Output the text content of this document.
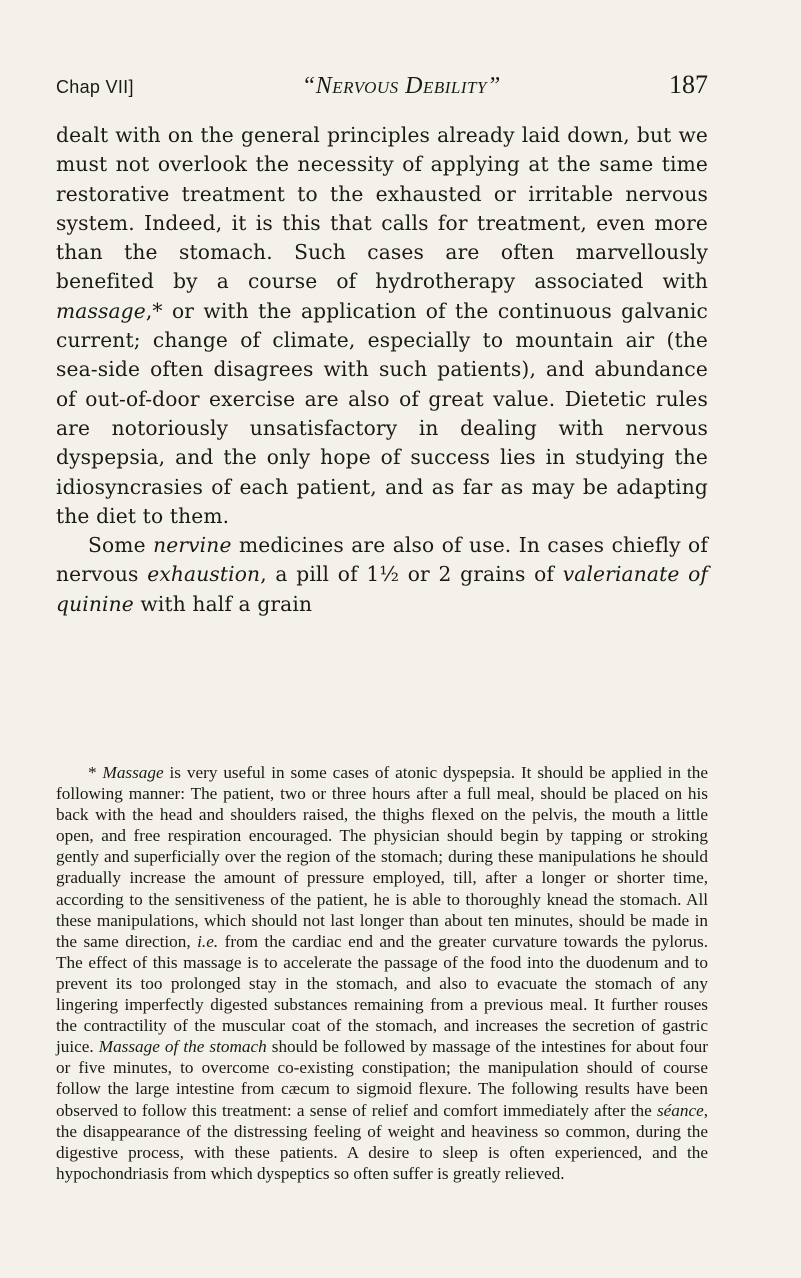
Chap VII]	“Nervous Debility”	187

dealt with on the general principles already laid down, but we must not overlook the necessity of applying at the same time restorative treatment to the exhausted or irritable nervous system. Indeed, it is this that calls for treatment, even more than the stomach. Such cases are often marvellously benefited by a course of hydrotherapy associated with massage,* or with the application of the continuous galvanic current; change of climate, especially to mountain air (the sea-side often disagrees with such patients), and abundance of out-of-door exercise are also of great value. Dietetic rules are notoriously unsatisfactory in dealing with nervous dyspepsia, and the only hope of success lies in studying the idiosyncrasies of each patient, and as far as may be adapting the diet to them.

Some nervine medicines are also of use. In cases chiefly of nervous exhaustion, a pill of 1½ or 2 grains of valerianate of quinine with half a grain

* Massage is very useful in some cases of atonic dyspepsia. It should be applied in the following manner: The patient, two or three hours after a full meal, should be placed on his back with the head and shoulders raised, the thighs flexed on the pelvis, the mouth a little open, and free respiration encouraged. The physician should begin by tapping or stroking gently and superficially over the region of the stomach; during these manipulations he should gradually increase the amount of pressure employed, till, after a longer or shorter time, according to the sensitiveness of the patient, he is able to thoroughly knead the stomach. All these manipulations, which should not last longer than about ten minutes, should be made in the same direction, i.e. from the cardiac end and the greater curvature towards the pylorus. The effect of this massage is to accelerate the passage of the food into the duodenum and to prevent its too prolonged stay in the stomach, and also to evacuate the stomach of any lingering imperfectly digested substances remaining from a previous meal. It further rouses the contractility of the muscular coat of the stomach, and increases the secretion of gastric juice. Massage of the stomach should be followed by massage of the intestines for about four or five minutes, to overcome co-existing constipation; the manipulation should of course follow the large intestine from cæcum to sigmoid flexure. The following results have been observed to follow this treatment: a sense of relief and comfort immediately after the séance, the disappearance of the distressing feeling of weight and heaviness so common, during the digestive process, with these patients. A desire to sleep is often experienced, and the hypochondriasis from which dyspeptics so often suffer is greatly relieved.
